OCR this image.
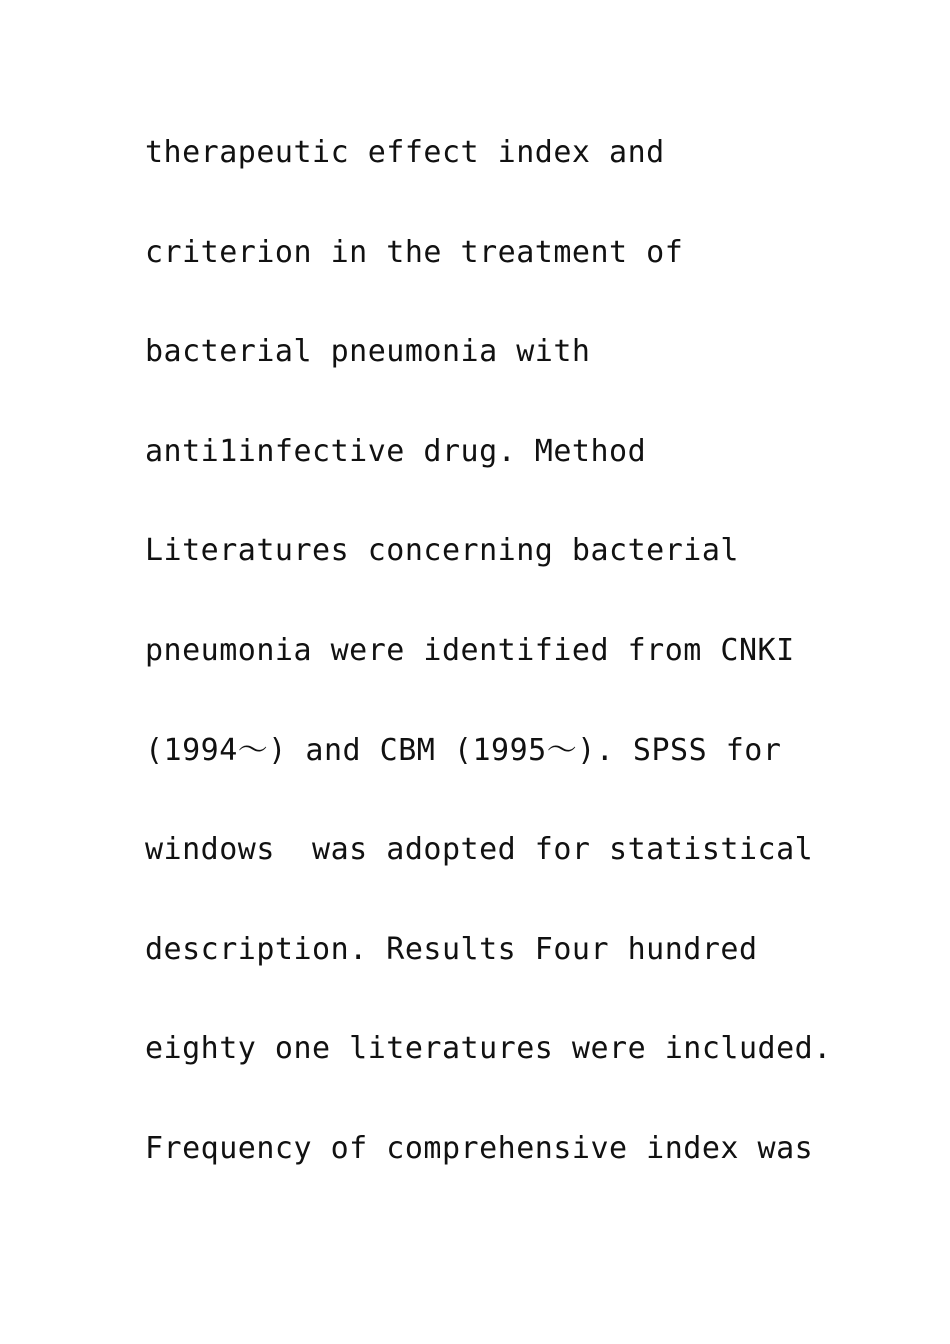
therapeutic effect index and
criterion in the treatment of
bacterial pneumonia with
anti1infective drug. Method
Literatures concerning bacterial
pneumonia were identified from CNKI
(1994～) and CBM (1995～). SPSS for
windows  was adopted for statistical
description. Results Four hundred
eighty one literatures were included.
Frequency of comprehensive index was
